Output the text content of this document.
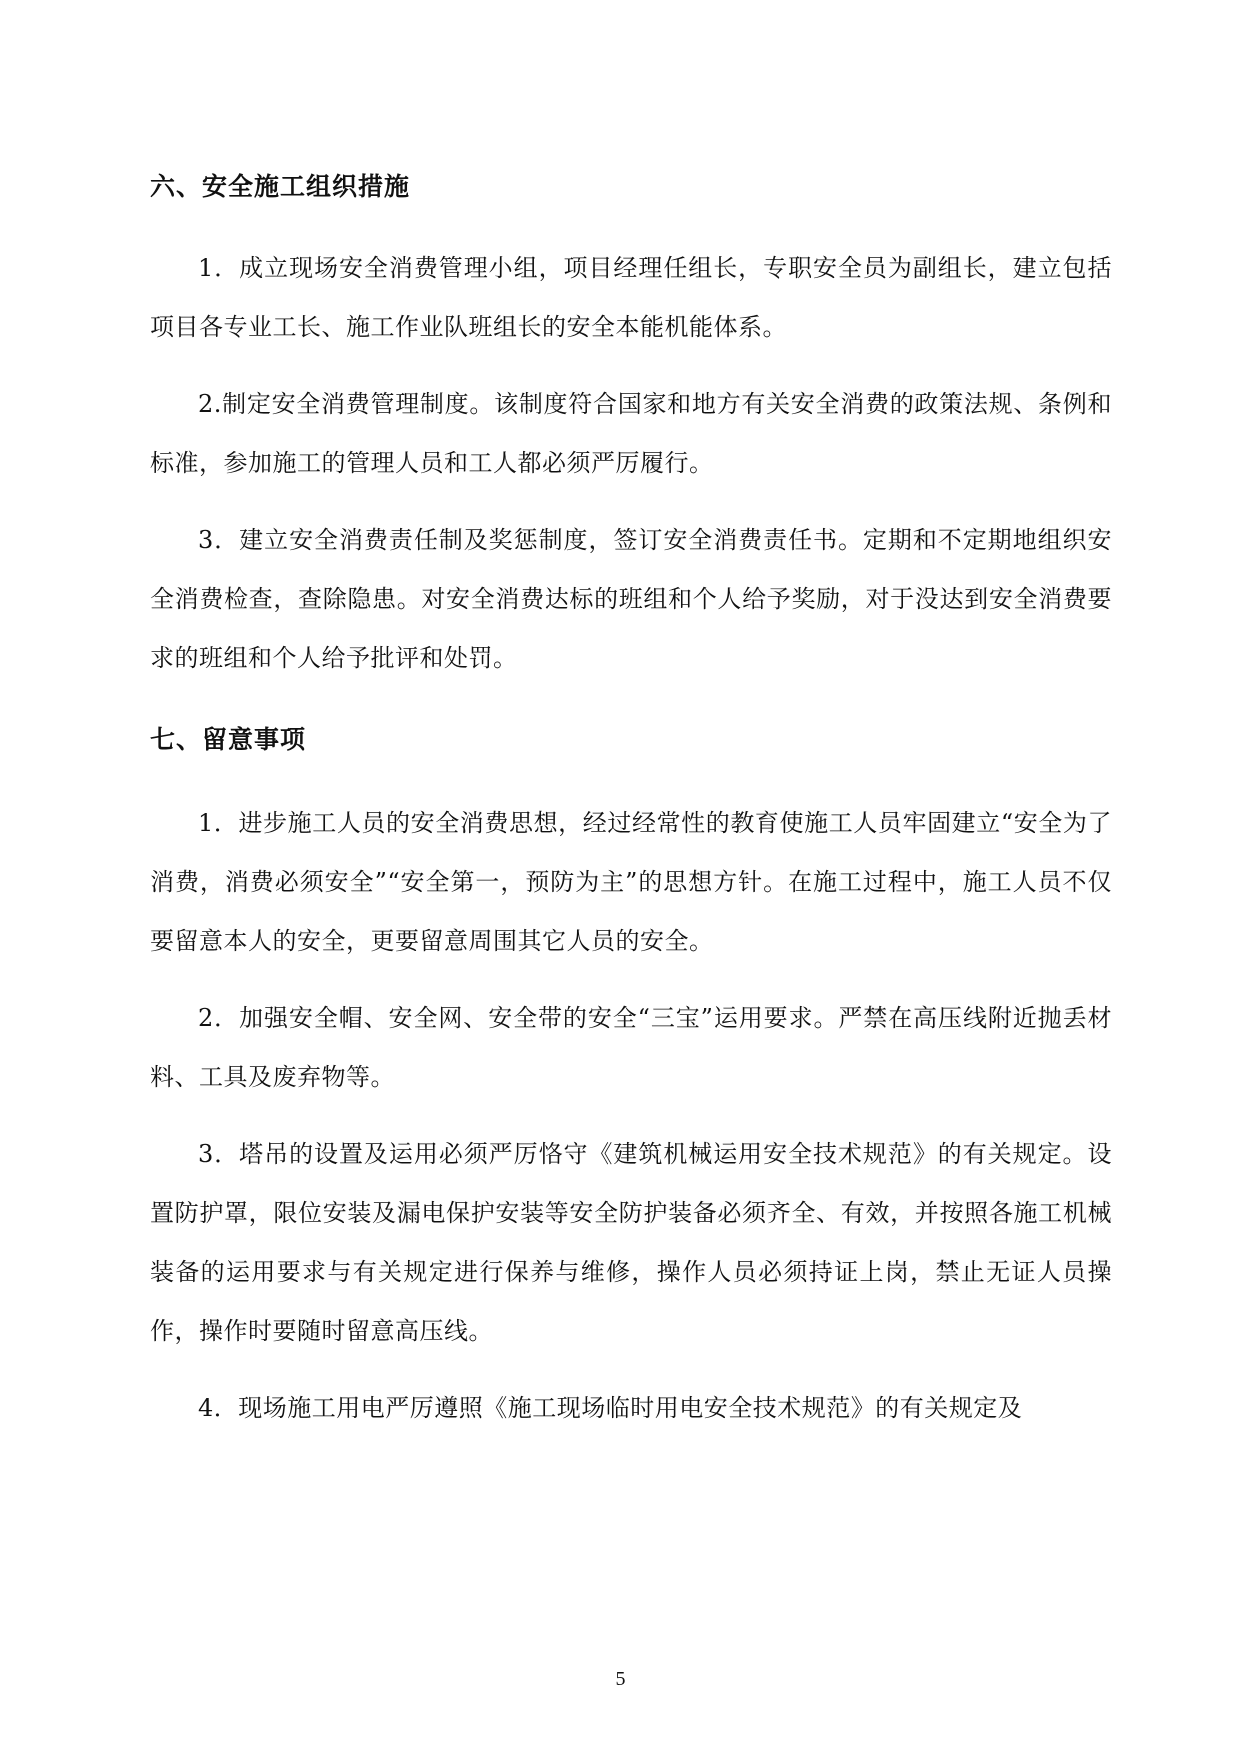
六、安全施工组织措施

1．成立现场安全消费管理小组，项目经理任组长，专职安全员为副组长，建立包括项目各专业工长、施工作业队班组长的安全本能机能体系。

2.制定安全消费管理制度。该制度符合国家和地方有关安全消费的政策法规、条例和标准，参加施工的管理人员和工人都必须严厉履行。

3．建立安全消费责任制及奖惩制度，签订安全消费责任书。定期和不定期地组织安全消费检查，查除隐患。对安全消费达标的班组和个人给予奖励，对于没达到安全消费要求的班组和个人给予批评和处罚。

七、留意事项

1．进步施工人员的安全消费思想，经过经常性的教育使施工人员牢固建立“安全为了消费，消费必须安全”“安全第一，预防为主”的思想方针。在施工过程中，施工人员不仅要留意本人的安全，更要留意周围其它人员的安全。

2．加强安全帽、安全网、安全带的安全“三宝”运用要求。严禁在高压线附近抛丢材料、工具及废弃物等。

3．塔吊的设置及运用必须严厉恪守《建筑机械运用安全技术规范》的有关规定。设置防护罩，限位安装及漏电保护安装等安全防护装备必须齐全、有效，并按照各施工机械装备的运用要求与有关规定进行保养与维修，操作人员必须持证上岗，禁止无证人员操作，操作时要随时留意高压线。

4．现场施工用电严厉遵照《施工现场临时用电安全技术规范》的有关规定及

5
